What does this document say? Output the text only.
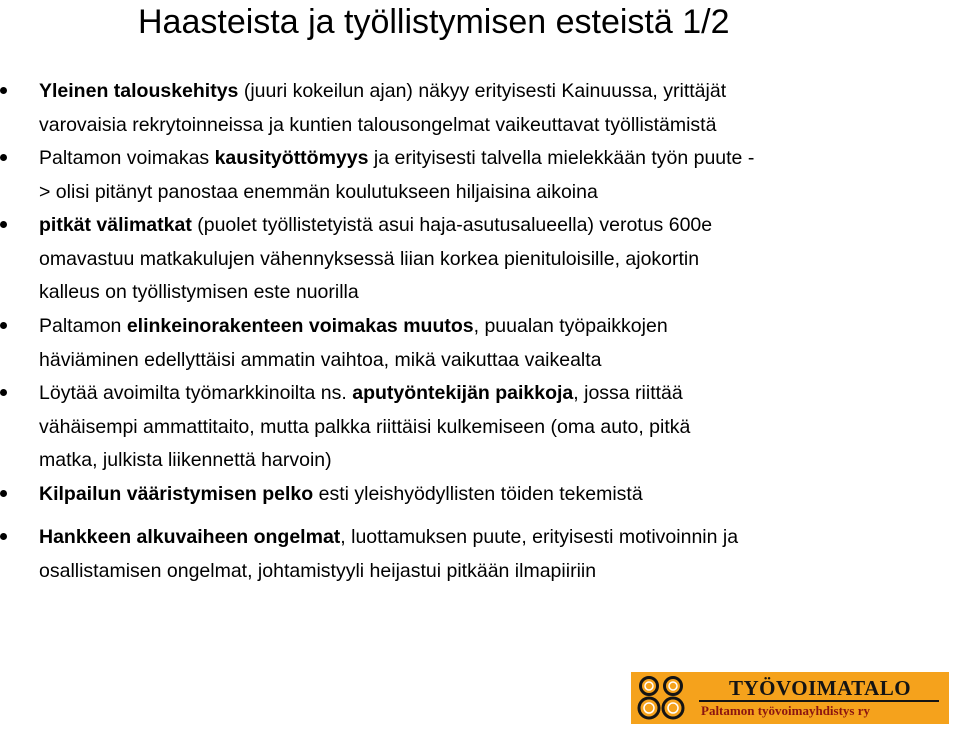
Haasteista ja työllistymisen esteistä 1/2
Yleinen talouskehitys (juuri kokeilun ajan) näkyy erityisesti Kainuussa, yrittäjät
varovaisia rekrytoinneissa ja kuntien talousongelmat vaikeuttavat työllistämistä
Paltamon voimakas kausityöttömyys ja erityisesti talvella mielekkään työn puute -
> olisi pitänyt panostaa enemmän koulutukseen hiljaisina aikoina
pitkät välimatkat (puolet työllistetyistä asui haja-asutusalueella) verotus 600e
omavastuu matkakulujen vähennyksessä liian korkea pienituloisille, ajokortin
kalleus on työllistymisen este nuorilla
Paltamon elinkeinorakenteen voimakas muutos, puualan työpaikkojen
häviäminen edellyttäisi ammatin vaihtoa, mikä vaikuttaa vaikealta
Löytää avoimilta työmarkkinoilta ns. aputyöntekijän paikkoja, jossa riittää
vähäisempi ammattitaito, mutta palkka riittäisi kulkemiseen (oma auto, pitkä
matka, julkista liikennettä harvoin)
Kilpailun vääristymisen pelko esti yleishyödyllisten töiden tekemistä
Hankkeen alkuvaiheen ongelmat, luottamuksen puute, erityisesti motivoinnin ja
osallistamisen ongelmat, johtamistyyli heijastui pitkään ilmapiiriin
TYÖVOIMATALO
Paltamon työvoimayhdistys ry
